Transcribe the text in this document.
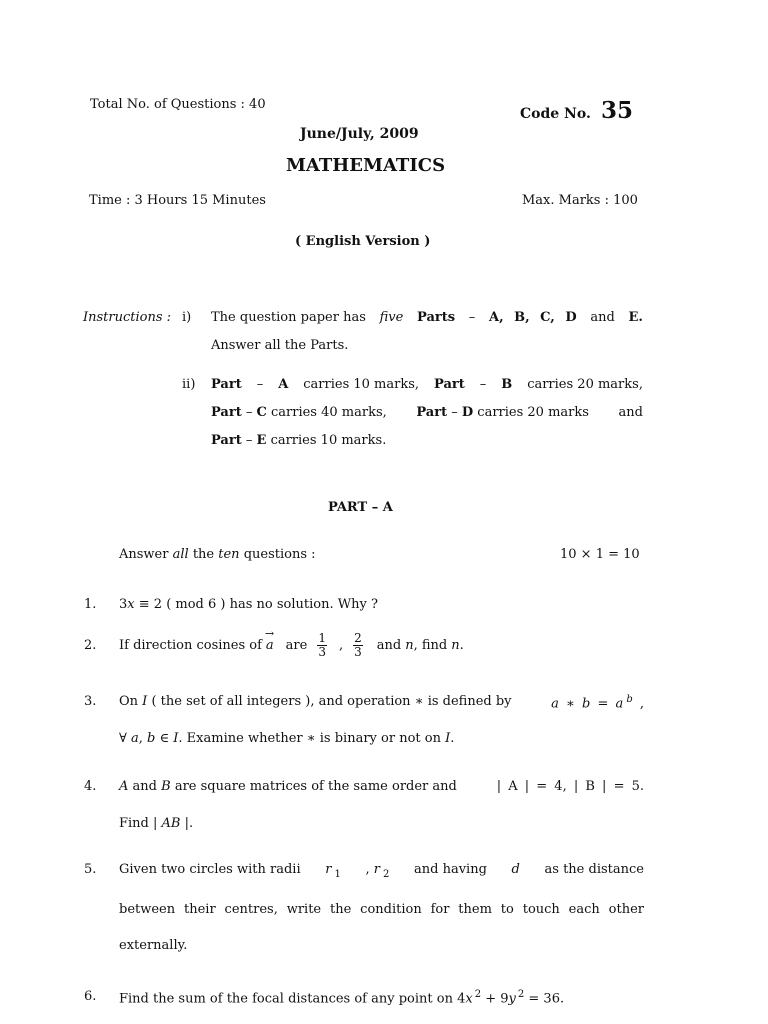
Total No. of Questions : 40
Code No. 35
June/July, 2009
MATHEMATICS
Time : 3 Hours 15 Minutes	Max. Marks : 100
( English Version )
Instructions : i) The question paper has five Parts – A, B, C, D and E.
Answer all the Parts.
ii) Part – A carries 10 marks, Part – B carries 20 marks,
Part – C carries 40 marks, Part – D carries 20 marks and
Part – E carries 10 marks.
PART – A
Answer all the ten questions :	10 × 1 = 10
1. 3x ≡ 2 ( mod 6 ) has no solution. Why ?
2. If direction cosines of
→
a are $\frac{1}{3}$ , $\frac{2}{3}$ and n , find n .
3. On I ( the set of all integers ), and operation ∗ is defined by	a ∗ b = a $^b$ ,
∀ a, b ∈ I. Examine whether ∗ is binary or not on I.
4. A and B are square matrices of the same order and	| A | = 4, | B | = 5.
Find | AB |.
5. Given two circles with radii r $_1$ , r $_2$ and having d as the distance
between their centres, write the condition for them to touch each other
externally.
6. Find the sum of the focal distances of any point on 4x $^2$ + 9y $^2$ = 36.
